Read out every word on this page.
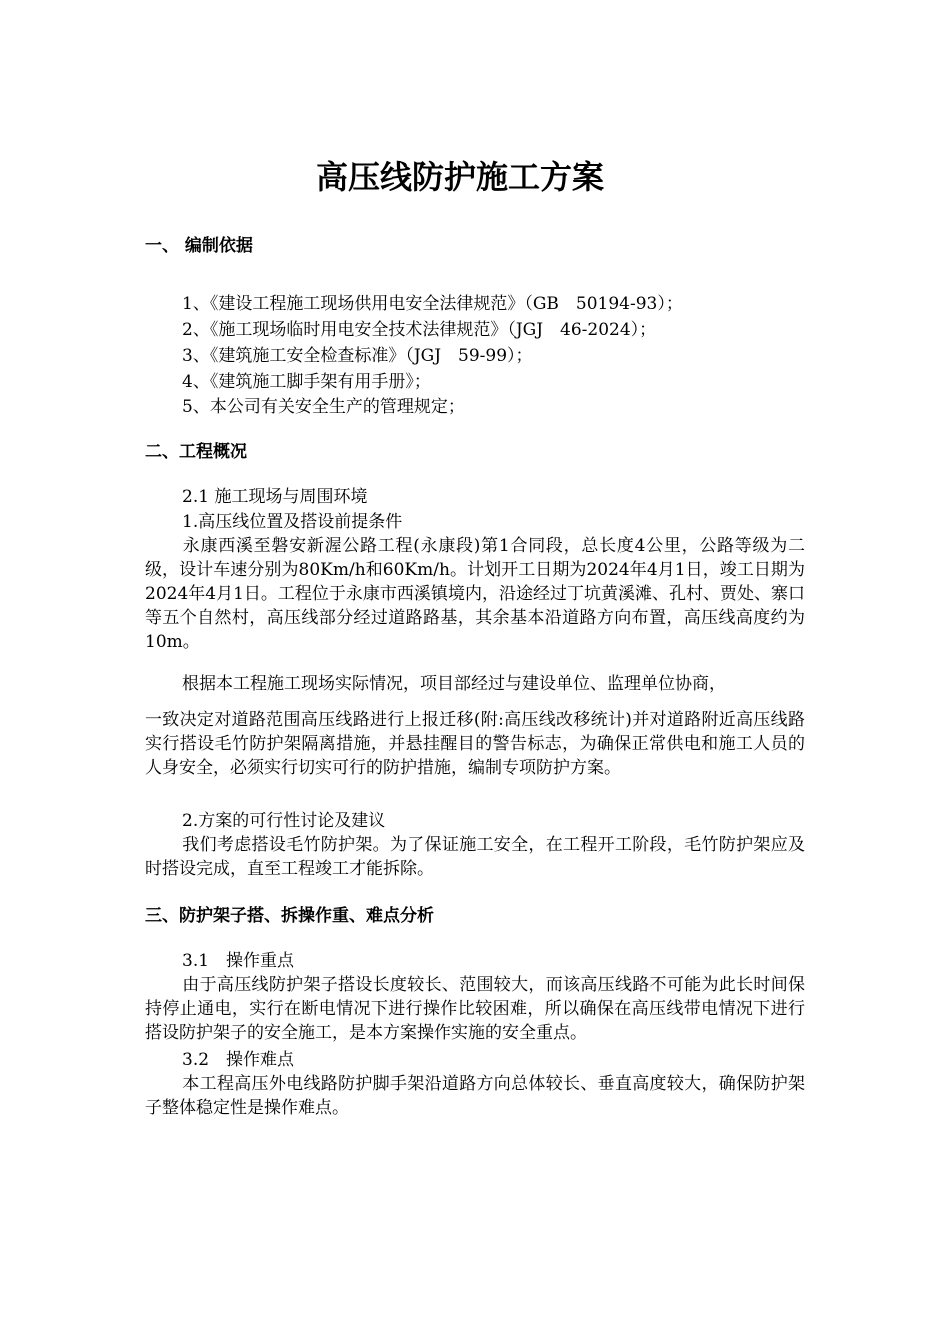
高压线防护施工方案
一、 编制依据
1、《建设工程施工现场供用电安全法律规范》（GB　50194-93）；
2、《施工现场临时用电安全技术法律规范》（JGJ　46-2024）；
3、《建筑施工安全检查标准》（JGJ　59-99）；
4、《建筑施工脚手架有用手册》；
5、本公司有关安全生产的管理规定；
二、工程概况
2.1 施工现场与周围环境
1.高压线位置及搭设前提条件
永康西溪至磐安新渥公路工程(永康段)第1合同段，总长度4公里，公路等级为二级，设计车速分别为80Km/h和60Km/h。计划开工日期为2024年4月1日，竣工日期为2024年4月1日。工程位于永康市西溪镇境内，沿途经过丁坑黄溪滩、孔村、贾处、寨口等五个自然村，高压线部分经过道路路基，其余基本沿道路方向布置，高压线高度约为10m。
根据本工程施工现场实际情况，项目部经过与建设单位、监理单位协商，
一致决定对道路范围高压线路进行上报迁移(附:高压线改移统计)并对道路附近高压线路实行搭设毛竹防护架隔离措施，并悬挂醒目的警告标志，为确保正常供电和施工人员的人身安全，必须实行切实可行的防护措施，编制专项防护方案。
2.方案的可行性讨论及建议
我们考虑搭设毛竹防护架。为了保证施工安全，在工程开工阶段，毛竹防护架应及时搭设完成，直至工程竣工才能拆除。
三、防护架子搭、拆操作重、难点分析
3.1　操作重点
由于高压线防护架子搭设长度较长、范围较大，而该高压线路不可能为此长时间保持停止通电，实行在断电情况下进行操作比较困难，所以确保在高压线带电情况下进行搭设防护架子的安全施工，是本方案操作实施的安全重点。
3.2　操作难点
本工程高压外电线路防护脚手架沿道路方向总体较长、垂直高度较大，确保防护架子整体稳定性是操作难点。
